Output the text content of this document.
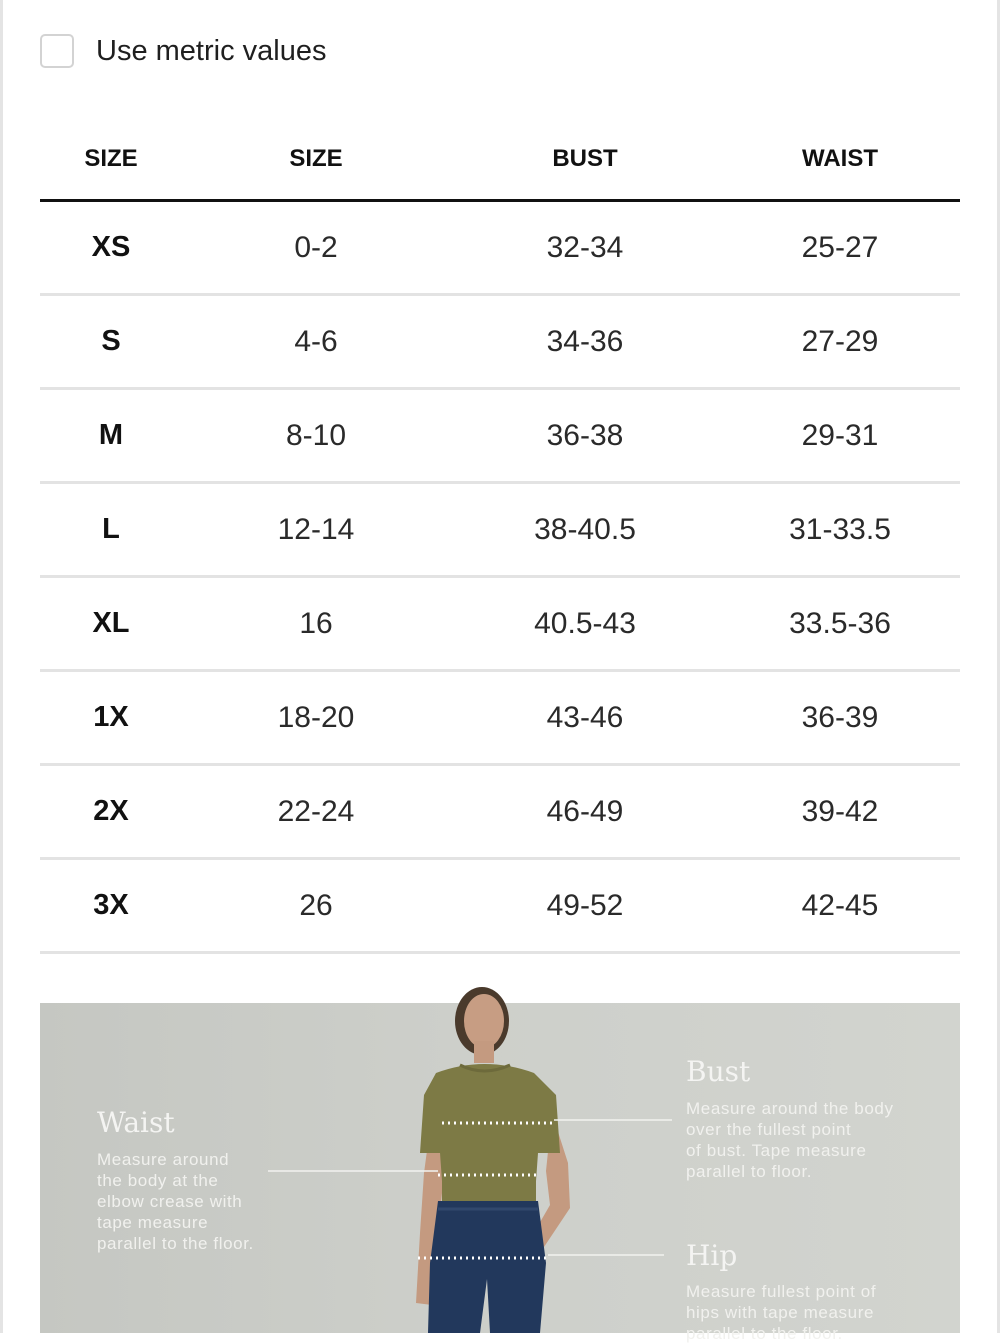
Use metric values
SIZE	SIZE	BUST	WAIST
XS	0-2	32-34	25-27
S	4-6	34-36	27-29
M	8-10	36-38	29-31
L	12-14	38-40.5	31-33.5
XL	16	40.5-43	33.5-36
1X	18-20	43-46	36-39
2X	22-24	46-49	39-42
3X	26	49-52	42-45
Waist
Measure around
the body at the
elbow crease with
tape measure
parallel to the floor.
Bust
Measure around the body
over the fullest point
of bust. Tape measure
parallel to floor.
Hip
Measure fullest point of
hips with tape measure
parallel to the floor.
